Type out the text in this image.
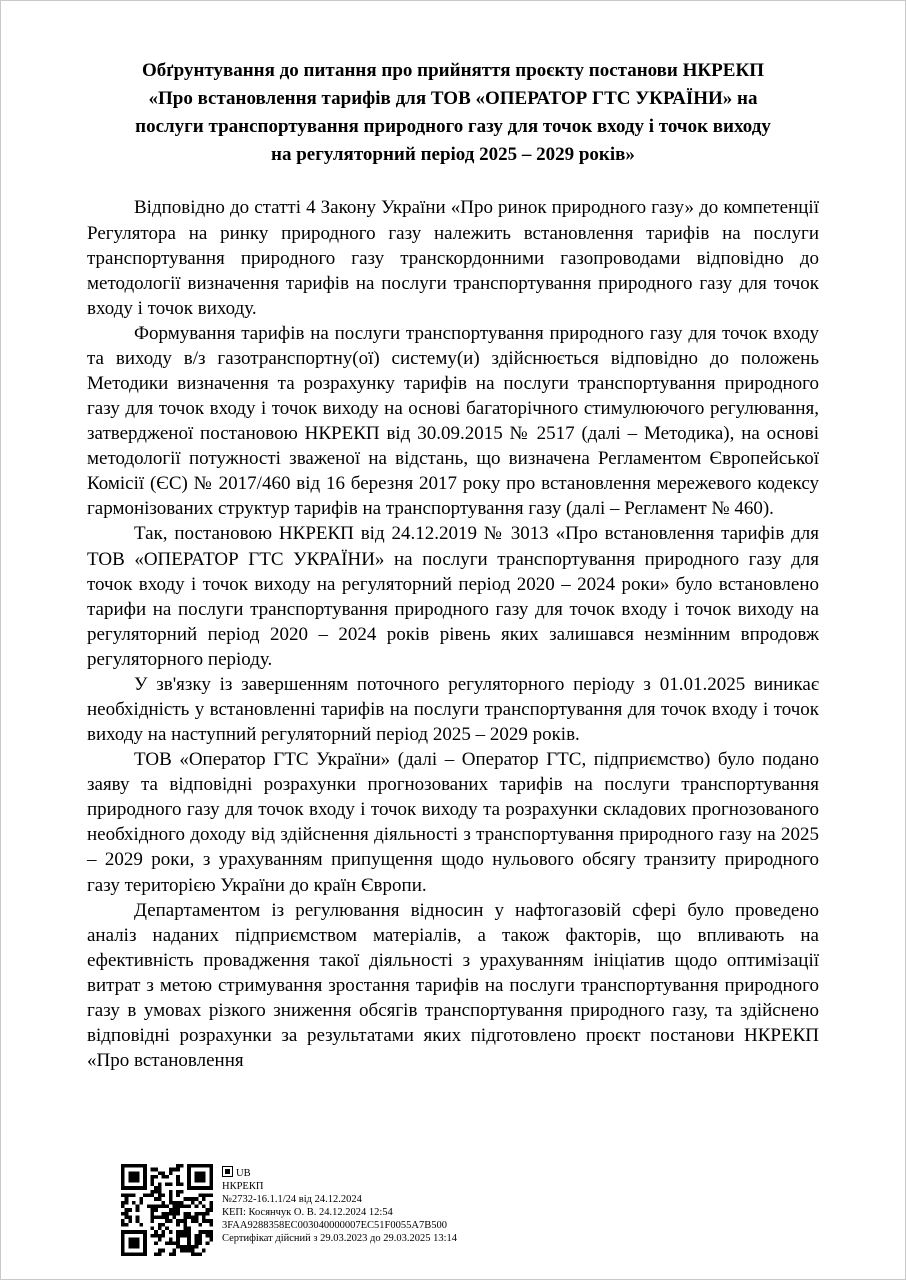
Обґрунтування до питання про прийняття проєкту постанови НКРЕКП «Про встановлення тарифів для ТОВ «ОПЕРАТОР ГТС УКРАЇНИ» на послуги транспортування природного газу для точок входу і точок виходу на регуляторний період 2025 – 2029 років»

Відповідно до статті 4 Закону України «Про ринок природного газу» до компетенції Регулятора на ринку природного газу належить встановлення тарифів на послуги транспортування природного газу транскордонними газопроводами відповідно до методології визначення тарифів на послуги транспортування природного газу для точок входу і точок виходу.

Формування тарифів на послуги транспортування природного газу для точок входу та виходу в/з газотранспортну(ої) систему(и) здійснюється відповідно до положень Методики визначення та розрахунку тарифів на послуги транспортування природного газу для точок входу і точок виходу на основі багаторічного стимулюючого регулювання, затвердженої постановою НКРЕКП від 30.09.2015 № 2517 (далі – Методика), на основі методології потужності зваженої на відстань, що визначена Регламентом Європейської Комісії (ЄС) № 2017/460 від 16 березня 2017 року про встановлення мережевого кодексу гармонізованих структур тарифів на транспортування газу (далі – Регламент № 460).

Так, постановою НКРЕКП від 24.12.2019 № 3013 «Про встановлення тарифів для ТОВ «ОПЕРАТОР ГТС УКРАЇНИ» на послуги транспортування природного газу для точок входу і точок виходу на регуляторний період 2020 – 2024 роки» було встановлено тарифи на послуги транспортування природного газу для точок входу і точок виходу на регуляторний період 2020 – 2024 років рівень яких залишався незмінним впродовж регуляторного періоду.

У зв'язку із завершенням поточного регуляторного періоду з 01.01.2025 виникає необхідність у встановленні тарифів на послуги транспортування для точок входу і точок виходу на наступний регуляторний період 2025 – 2029 років.

ТОВ «Оператор ГТС України» (далі – Оператор ГТС, підприємство) було подано заяву та відповідні розрахунки прогнозованих тарифів на послуги транспортування природного газу для точок входу і точок виходу та розрахунки складових прогнозованого необхідного доходу від здійснення діяльності з транспортування природного газу на 2025 – 2029 роки, з урахуванням припущення щодо нульового обсягу транзиту природного газу територією України до країн Європи.

Департаментом із регулювання відносин у нафтогазовій сфері було проведено аналіз наданих підприємством матеріалів, а також факторів, що впливають на ефективність провадження такої діяльності з урахуванням ініціатив щодо оптимізації витрат з метою стримування зростання тарифів на послуги транспортування природного газу в умовах різкого зниження обсягів транспортування природного газу, та здійснено відповідні розрахунки за результатами яких підготовлено проєкт постанови НКРЕКП «Про встановлення

UB
НКРЕКП
№2732-16.1.1/24 від 24.12.2024
КЕП: Косянчук О. В. 24.12.2024 12:54
3FAA9288358EC003040000007EC51F0055A7B500
Сертифікат дійсний з 29.03.2023 до 29.03.2025 13:14
